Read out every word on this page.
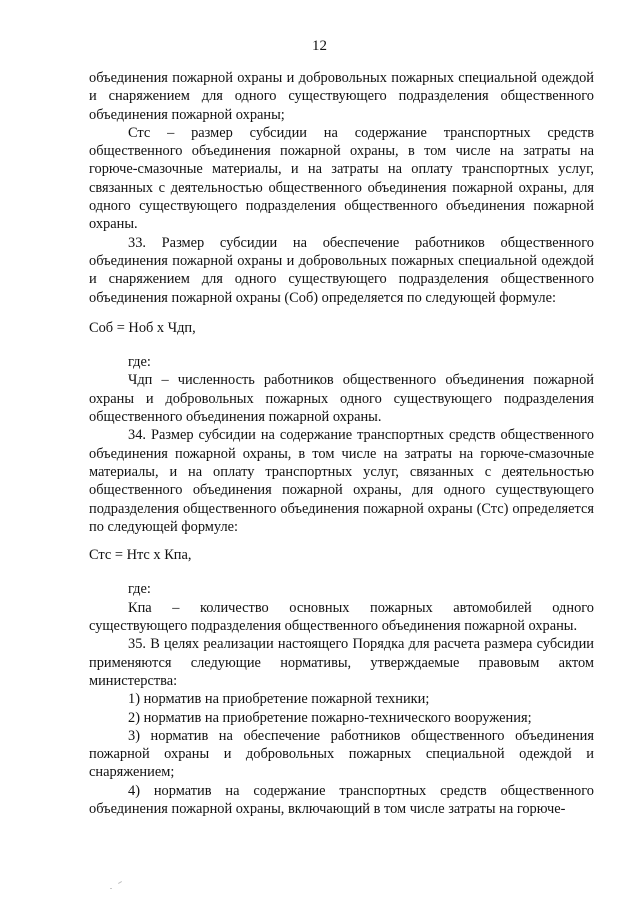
12

объединения пожарной охраны и добровольных пожарных специальной одеждой и снаряжением для одного существующего подразделения общественного объединения пожарной охраны;

Стс – размер субсидии на содержание транспортных средств общественного объединения пожарной охраны, в том числе на затраты на горюче-смазочные материалы, и на затраты на оплату транспортных услуг, связанных с деятельностью общественного объединения пожарной охраны, для одного существующего подразделения общественного объединения пожарной охраны.

33. Размер субсидии на обеспечение работников общественного объединения пожарной охраны и добровольных пожарных специальной одеждой и снаряжением для одного существующего подразделения общественного объединения пожарной охраны (Соб) определяется по следующей формуле:

Соб = Ноб х Чдп,

где:

Чдп – численность работников общественного объединения пожарной охраны и добровольных пожарных одного существующего подразделения общественного объединения пожарной охраны.

34. Размер субсидии на содержание транспортных средств общественного объединения пожарной охраны, в том числе на затраты на горюче-смазочные материалы, и на оплату транспортных услуг, связанных с деятельностью общественного объединения пожарной охраны, для одного существующего подразделения общественного объединения пожарной охраны (Стс) определяется по следующей формуле:

Стс = Нтс х Кпа,

где:

Кпа – количество основных пожарных автомобилей одного существующего подразделения общественного объединения пожарной охраны.

35. В целях реализации настоящего Порядка для расчета размера субсидии применяются следующие нормативы, утверждаемые правовым актом министерства:

1) норматив на приобретение пожарной техники;

2) норматив на приобретение пожарно-технического вооружения;

3) норматив на обеспечение работников общественного объединения пожарной охраны и добровольных пожарных специальной одеждой и снаряжением;

4) норматив на содержание транспортных средств общественного объединения пожарной охраны, включающий в том числе затраты на горюче-
